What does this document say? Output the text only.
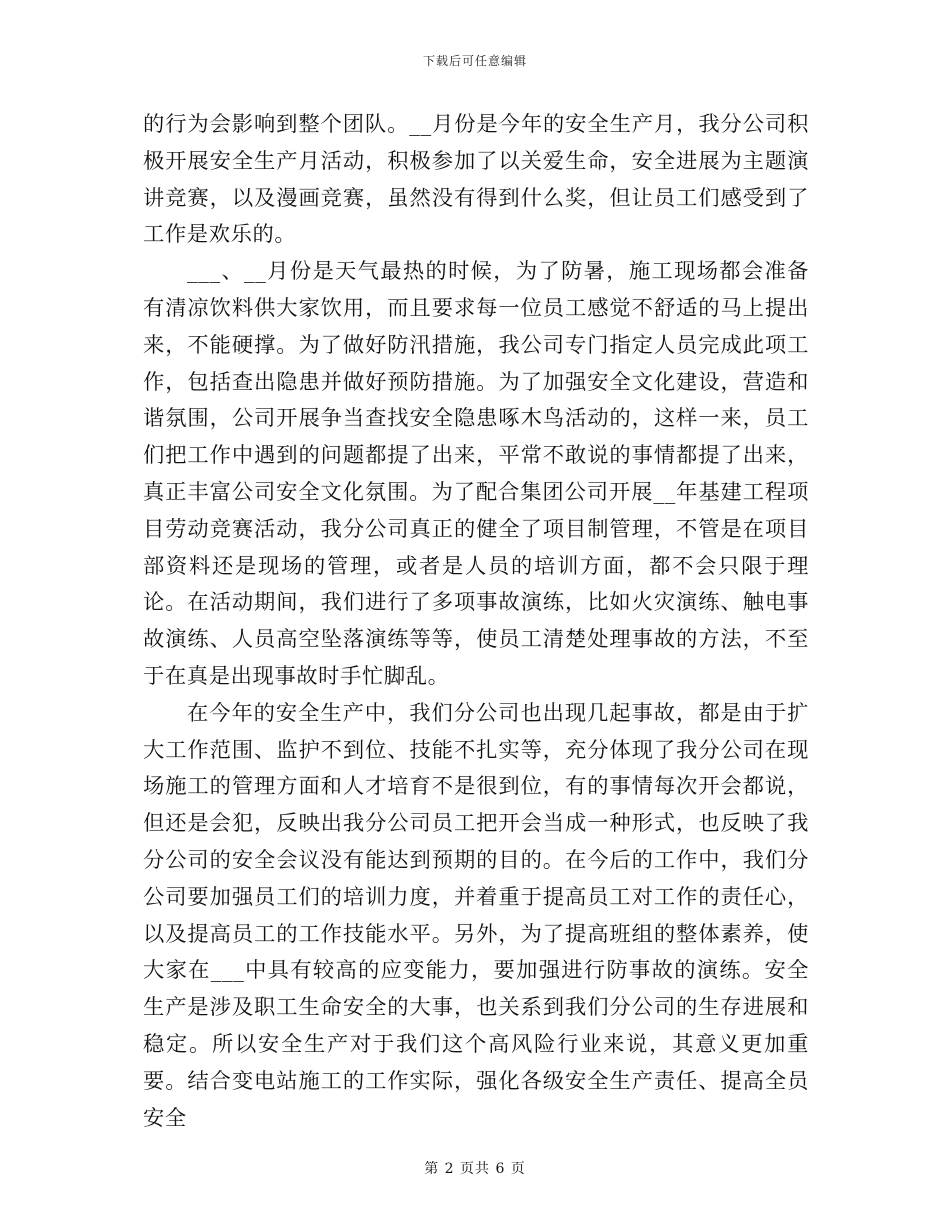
下载后可任意编辑

的行为会影响到整个团队。__月份是今年的安全生产月，我分公司积极开展安全生产月活动，积极参加了以关爱生命，安全进展为主题演讲竞赛，以及漫画竞赛，虽然没有得到什么奖，但让员工们感受到了工作是欢乐的。

___、__月份是天气最热的时候，为了防暑，施工现场都会准备有清凉饮料供大家饮用，而且要求每一位员工感觉不舒适的马上提出来，不能硬撑。为了做好防汛措施，我公司专门指定人员完成此项工作，包括查出隐患并做好预防措施。为了加强安全文化建设，营造和谐氛围，公司开展争当查找安全隐患啄木鸟活动的，这样一来，员工们把工作中遇到的问题都提了出来，平常不敢说的事情都提了出来，真正丰富公司安全文化氛围。为了配合集团公司开展__年基建工程项目劳动竞赛活动，我分公司真正的健全了项目制管理，不管是在项目部资料还是现场的管理，或者是人员的培训方面，都不会只限于理论。在活动期间，我们进行了多项事故演练，比如火灾演练、触电事故演练、人员高空坠落演练等等，使员工清楚处理事故的方法，不至于在真是出现事故时手忙脚乱。

在今年的安全生产中，我们分公司也出现几起事故，都是由于扩大工作范围、监护不到位、技能不扎实等，充分体现了我分公司在现场施工的管理方面和人才培育不是很到位，有的事情每次开会都说，但还是会犯，反映出我分公司员工把开会当成一种形式，也反映了我分公司的安全会议没有能达到预期的目的。在今后的工作中，我们分公司要加强员工们的培训力度，并着重于提高员工对工作的责任心，以及提高员工的工作技能水平。另外，为了提高班组的整体素养，使大家在___中具有较高的应变能力，要加强进行防事故的演练。安全生产是涉及职工生命安全的大事，也关系到我们分公司的生存进展和稳定。所以安全生产对于我们这个高风险行业来说，其意义更加重要。结合变电站施工的工作实际，强化各级安全生产责任、提高全员安全

第 2 页共 6 页
